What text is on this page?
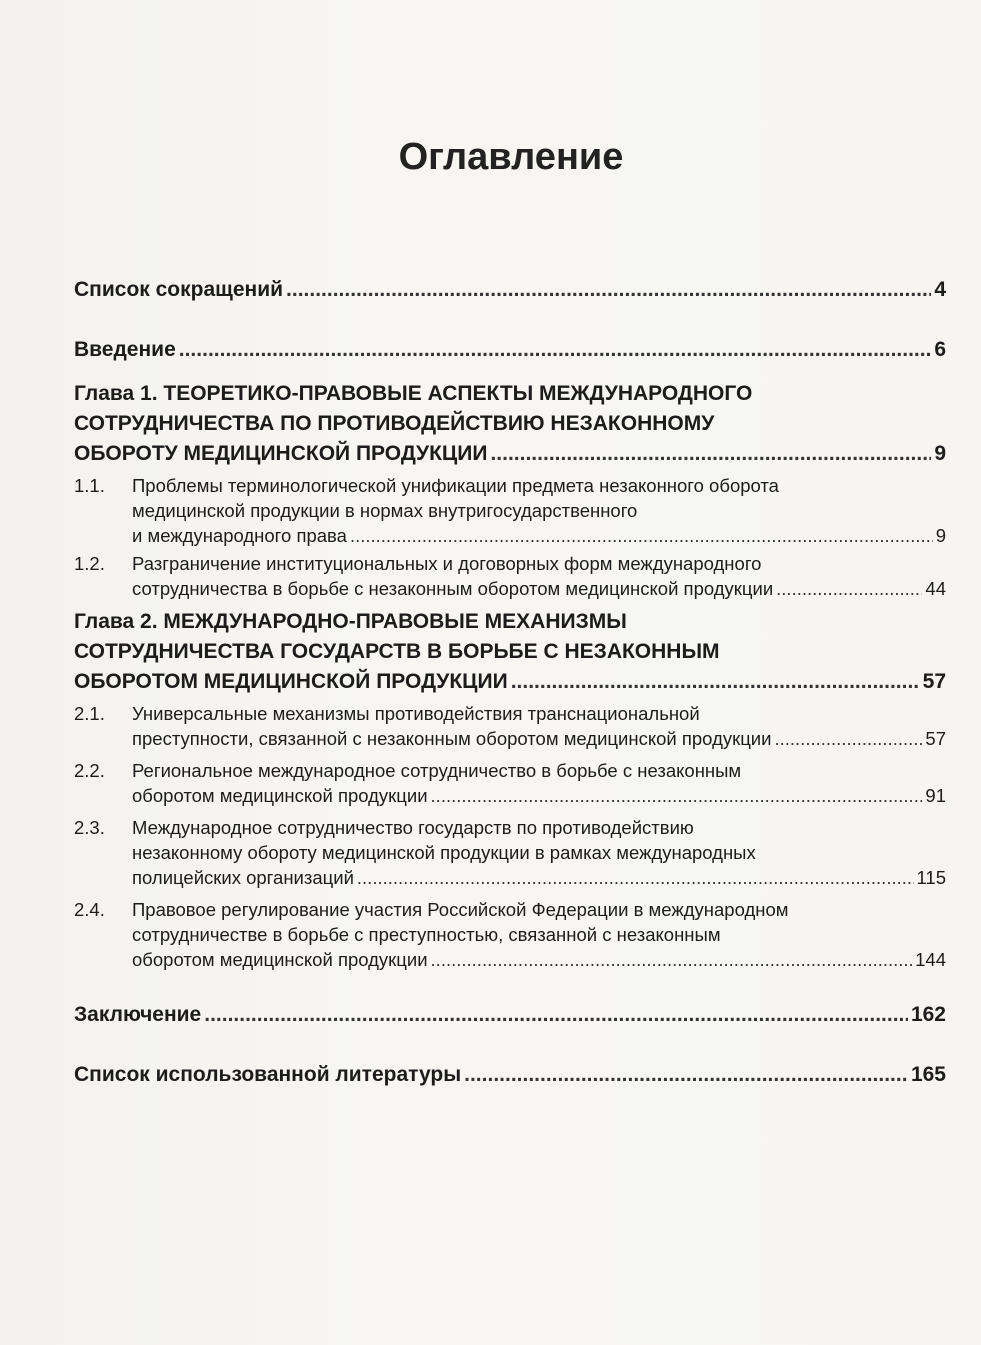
Оглавление
Список сокращений .....	4
Введение .....	6
Глава 1. ТЕОРЕТИКО-ПРАВОВЫЕ АСПЕКТЫ МЕЖДУНАРОДНОГО
СОТРУДНИЧЕСТВА ПО ПРОТИВОДЕЙСТВИЮ НЕЗАКОННОМУ
ОБОРОТУ МЕДИЦИНСКОЙ ПРОДУКЦИИ .....	9
1.1. Проблемы терминологической унификации предмета незаконного оборота
медицинской продукции в нормах внутригосударственного
и международного права .....	9
1.2. Разграничение институциональных и договорных форм международного
сотрудничества в борьбе с незаконным оборотом медицинской продукции .....	44
Глава 2. МЕЖДУНАРОДНО-ПРАВОВЫЕ МЕХАНИЗМЫ
СОТРУДНИЧЕСТВА ГОСУДАРСТВ В БОРЬБЕ С НЕЗАКОННЫМ
ОБОРОТОМ МЕДИЦИНСКОЙ ПРОДУКЦИИ .....	57
2.1. Универсальные механизмы противодействия транснациональной
преступности, связанной с незаконным оборотом медицинской продукции .....	57
2.2. Региональное международное сотрудничество в борьбе с незаконным
оборотом медицинской продукции .....	91
2.3. Международное сотрудничество государств по противодействию
незаконному обороту медицинской продукции в рамках международных
полицейских организаций .....	115
2.4. Правовое регулирование участия Российской Федерации в международном
сотрудничестве в борьбе с преступностью, связанной с незаконным
оборотом медицинской продукции .....	144
Заключение .....	162
Список использованной литературы .....	165
